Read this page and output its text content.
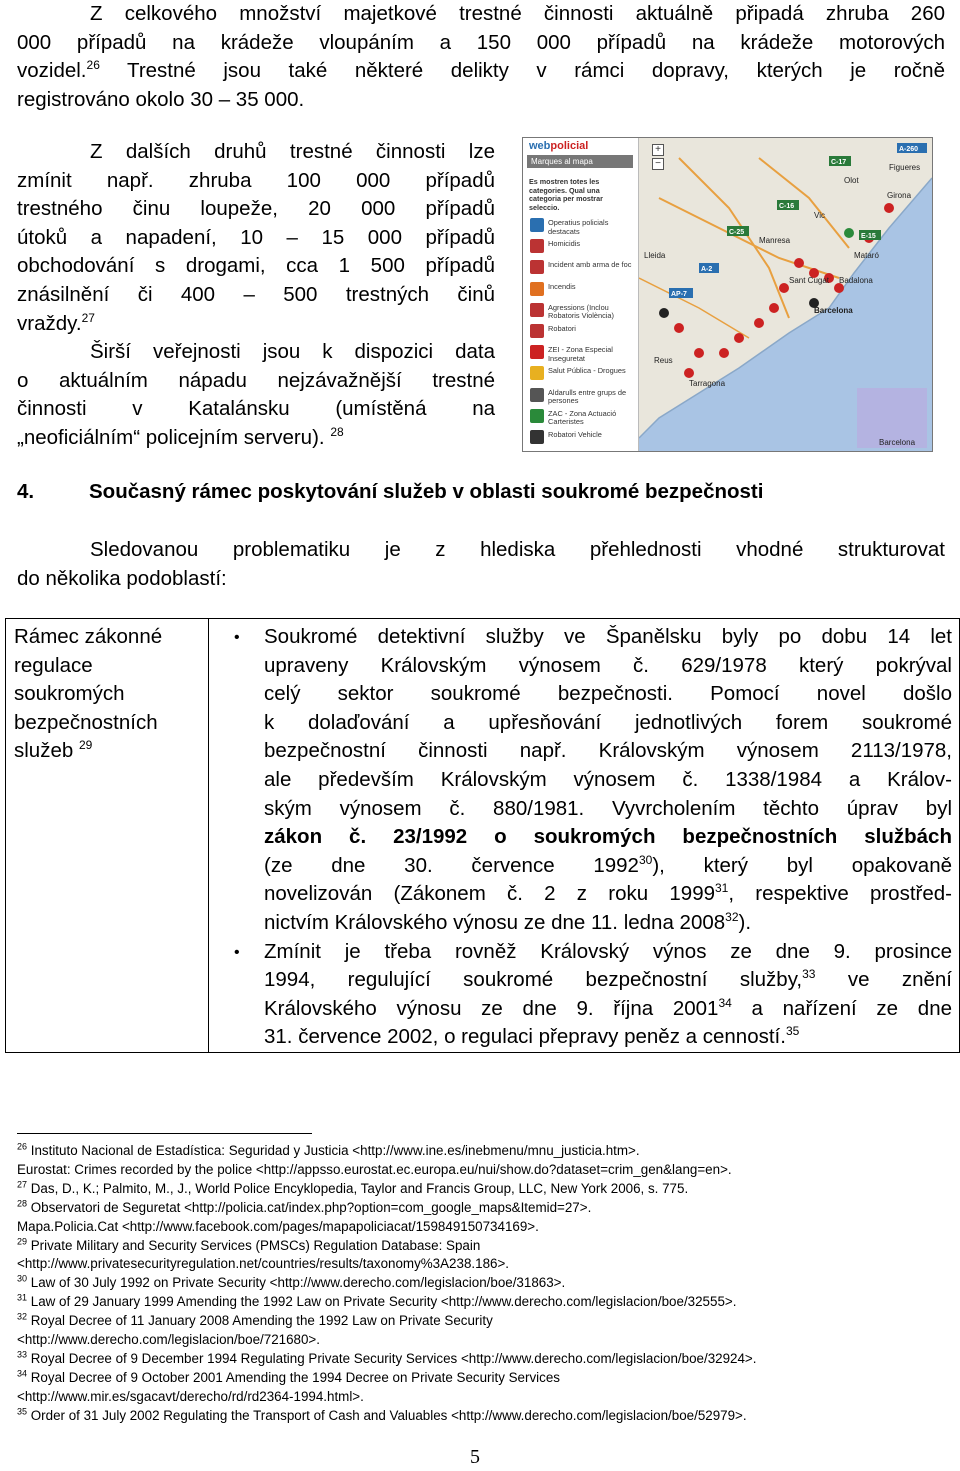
Z celkového množství majetkové trestné činnosti aktuálně připadá zhruba 260
000 případů na krádeže vloupáním a 150 000 případů na krádeže motorových
vozidel.$^{26}$ Trestné jsou také některé delikty v rámci dopravy, kterých je ročně
registrováno okolo 30 – 35 000.
Z dalších druhů trestné činnosti lze
zmínit např. zhruba 100 000 případů
trestného činu loupeže, 20 000 případů
útoků a napadení, 10 – 15 000 případů
obchodování s drogami, cca 1 500 případů
znásilnění či 400 – 500 trestných činů
vraždy.$^{27}$
Širší veřejnosti jsou k dispozici data
o aktuálním nápadu nejzávažnější trestné
činnosti v Katalánsku (umístěná na
„neoficiálním“ policejním serveru). $^{28}$
webpolicial
Marques al mapa
Es mostren totes les categories. Qual una categoria per mostrar seleccio.
Operatius policials destacats
Homicidis
Incident amb arma de foc
Incendis
Agressions (Inclou Robatoris Violència)
Robatori
ZEI - Zona Especial Inseguretat
Salut Pública - Drogues
Aldarulls entre grups de persones
ZAC - Zona Actuació Carteristes
Robatori Vehicle
Figueres
Olot
Girona
Vic
Manresa
Mataró
Sant Cugat Badalona
Barcelona
Lleida
Reus
Tarragona
Barcelona
C-25
C-16
C-17
E-15
A-2
AP-7
A-260
+
−
4.	Současný rámec poskytování služeb v oblasti soukromé bezpečnosti
Sledovanou problematiku je z hlediska přehlednosti vhodné strukturovat
do několika podoblastí:
Rámec zákonné
regulace
soukromých
bezpečnostních
služeb $^{29}$

• Soukromé detektivní služby ve Španělsku byly po dobu 14 let
upraveny Královským výnosem č. 629/1978 který pokrýval
celý sektor soukromé bezpečnosti. Pomocí novel došlo
k dolaďování a upřesňování jednotlivých forem soukromé
bezpečnostní činnosti např. Královským výnosem 2113/1978,
ale především Královským výnosem č. 1338/1984 a Králov-
ským výnosem č. 880/1981. Vyvrcholením těchto úprav byl
zákon č. 23/1992 o soukromých bezpečnostních službách
(ze dne 30. července 1992$^{30}$), který byl opakovaně
novelizován (Zákonem č. 2 z roku 1999$^{31}$, respektive prostřed-
nictvím Královského výnosu ze dne 11. ledna 2008$^{32}$).
• Zmínit je třeba rovněž Královský výnos ze dne 9. prosince
1994, regulující soukromé bezpečnostní služby,$^{33}$ ve znění
Královského výnosu ze dne 9. října 2001$^{34}$ a nařízení ze dne
31. července 2002, o regulaci přepravy peněz a cenností.$^{35}$
$^{26}$ Instituto Nacional de Estadística: Seguridad y Justicia <http://www.ine.es/inebmenu/mnu_justicia.htm>.
Eurostat: Crimes recorded by the police <http://appsso.eurostat.ec.europa.eu/nui/show.do?dataset=crim_gen&lang=en>.
$^{27}$ Das, D., K.; Palmito, M., J., World Police Encyklopedia, Taylor and Francis Group, LLC, New York 2006, s. 775.
$^{28}$ Observatori de Seguretat <http://policia.cat/index.php?option=com_google_maps&Itemid=27>.
Mapa.Policia.Cat <http://www.facebook.com/pages/mapapoliciacat/159849150734169>.
$^{29}$ Private Military and Security Services (PMSCs) Regulation Database: Spain
<http://www.privatesecurityregulation.net/countries/results/taxonomy%3A238.186>.
$^{30}$ Law of 30 July 1992 on Private Security <http://www.derecho.com/legislacion/boe/31863>.
$^{31}$ Law of 29 January 1999 Amending the 1992 Law on Private Security <http://www.derecho.com/legislacion/boe/32555>.
$^{32}$ Royal Decree of 11 January 2008 Amending the 1992 Law on Private Security
<http://www.derecho.com/legislacion/boe/721680>.
$^{33}$ Royal Decree of 9 December 1994 Regulating Private Security Services <http://www.derecho.com/legislacion/boe/32924>.
$^{34}$ Royal Decree of 9 October 2001 Amending the 1994 Decree on Private Security Services
<http://www.mir.es/sgacavt/derecho/rd/rd2364-1994.html>.
$^{35}$ Order of 31 July 2002 Regulating the Transport of Cash and Valuables <http://www.derecho.com/legislacion/boe/52979>.
5
